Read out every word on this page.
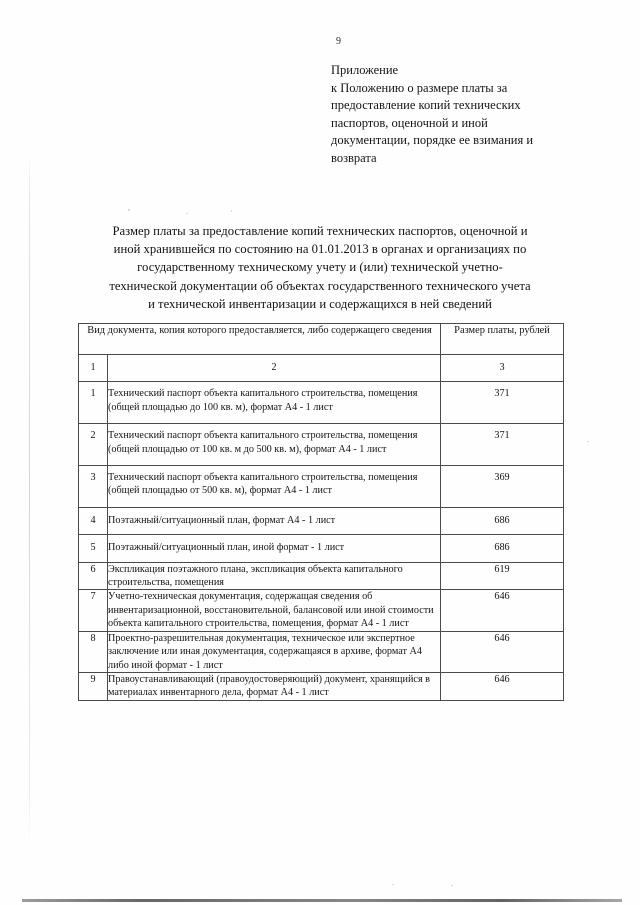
9
Приложение
к Положению о размере платы за
предоставление копий технических
паспортов, оценочной и иной
документации, порядке ее взимания и
возврата
Размер платы за предоставление копий технических паспортов, оценочной и
иной хранившейся по состоянию на 01.01.2013 в органах и организациях по
государственному техническому учету и (или) технической учетно-
технической документации об объектах государственного технического учета
и технической инвентаризации и содержащихся в ней сведений
Вид документа, копия которого предоставляется, либо содержащего сведения		Размер платы, рублей
1	2	3
1	Технический паспорт объекта капитального строительства, помещения (общей площадью до 100 кв. м), формат А4 - 1 лист	371
2	Технический паспорт объекта капитального строительства, помещения (общей площадью от 100 кв. м до 500 кв. м), формат А4 - 1 лист	371
3	Технический паспорт объекта капитального строительства, помещения (общей площадью от 500 кв. м), формат А4 - 1 лист	369
4	Поэтажный/ситуационный план, формат А4 - 1 лист	686
5	Поэтажный/ситуационный план, иной формат - 1 лист	686
6	Экспликация поэтажного плана, экспликация объекта капитального строительства, помещения	619
7	Учетно-техническая документация, содержащая сведения об инвентаризационной, восстановительной, балансовой или иной стоимости объекта капитального строительства, помещения, формат А4 - 1 лист	646
8	Проектно-разрешительная документация, техническое или экспертное заключение или иная документация, содержащаяся в архиве, формат А4 либо иной формат - 1 лист	646
9	Правоустанавливающий (правоудостоверяющий) документ, хранящийся в материалах инвентарного дела, формат А4 - 1 лист	646
